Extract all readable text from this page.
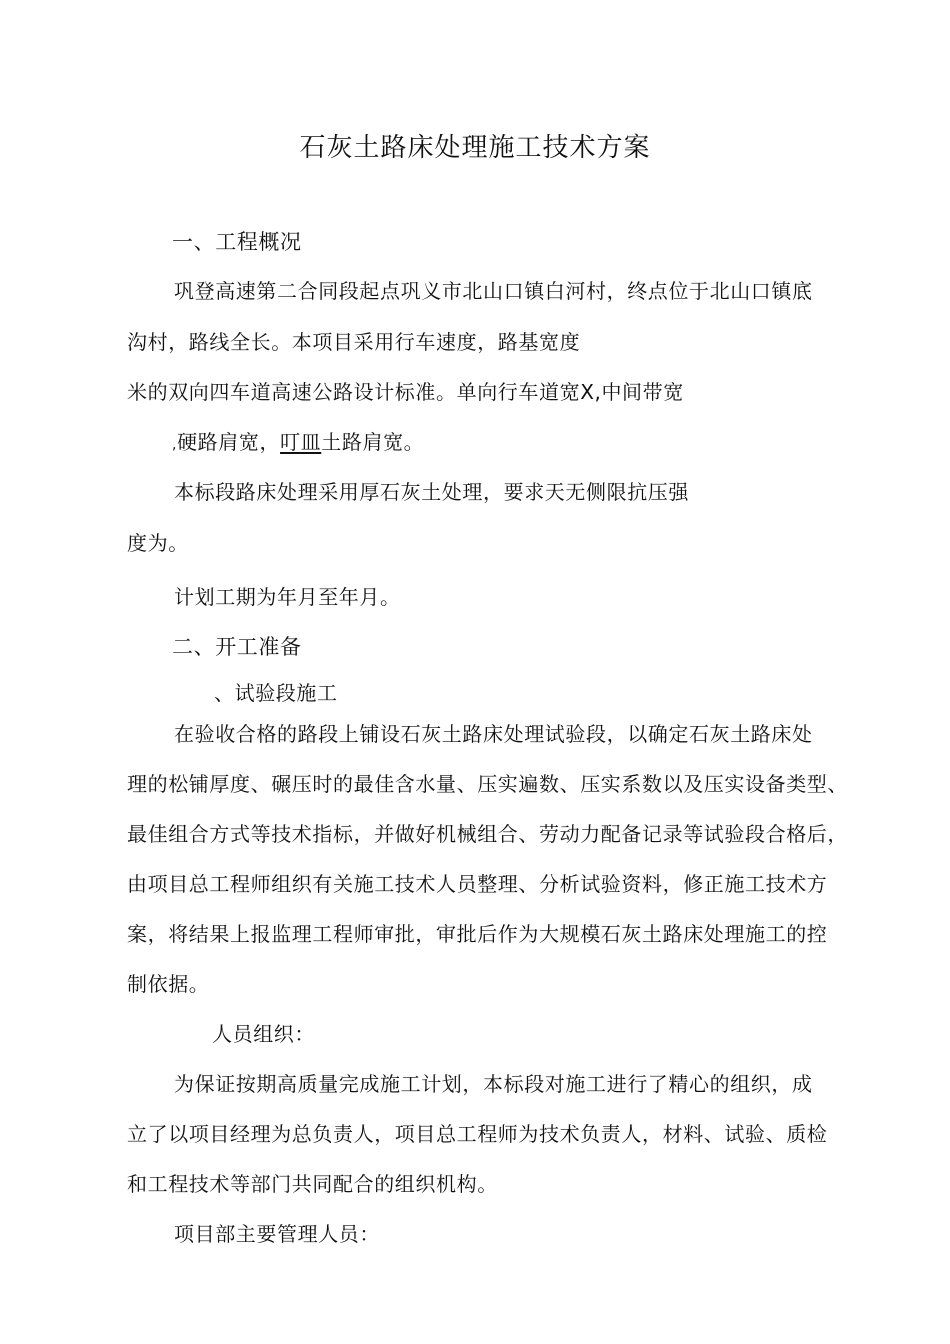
石灰土路床处理施工技术方案
一、工程概况
巩登高速第二合同段起点巩义市北山口镇白河村，终点位于北山口镇底
沟村，路线全长。本项目采用行车速度，路基宽度
米的双向四车道高速公路设计标准。单向行车道宽X,中间带宽
,硬路肩宽，叮皿土路肩宽。
本标段路床处理采用厚石灰土处理，要求天无侧限抗压强
度为。
计划工期为年月至年月。
二、开工准备
、试验段施工
在验收合格的路段上铺设石灰土路床处理试验段，以确定石灰土路床处
理的松铺厚度、碾压时的最佳含水量、压实遍数、压实系数以及压实设备类型、
最佳组合方式等技术指标，并做好机械组合、劳动力配备记录等试验段合格后，
由项目总工程师组织有关施工技术人员整理、分析试验资料，修正施工技术方
案，将结果上报监理工程师审批，审批后作为大规模石灰土路床处理施工的控
制依据。
人员组织：
为保证按期高质量完成施工计划，本标段对施工进行了精心的组织，成
立了以项目经理为总负责人，项目总工程师为技术负责人，材料、试验、质检
和工程技术等部门共同配合的组织机构。
项目部主要管理人员：
